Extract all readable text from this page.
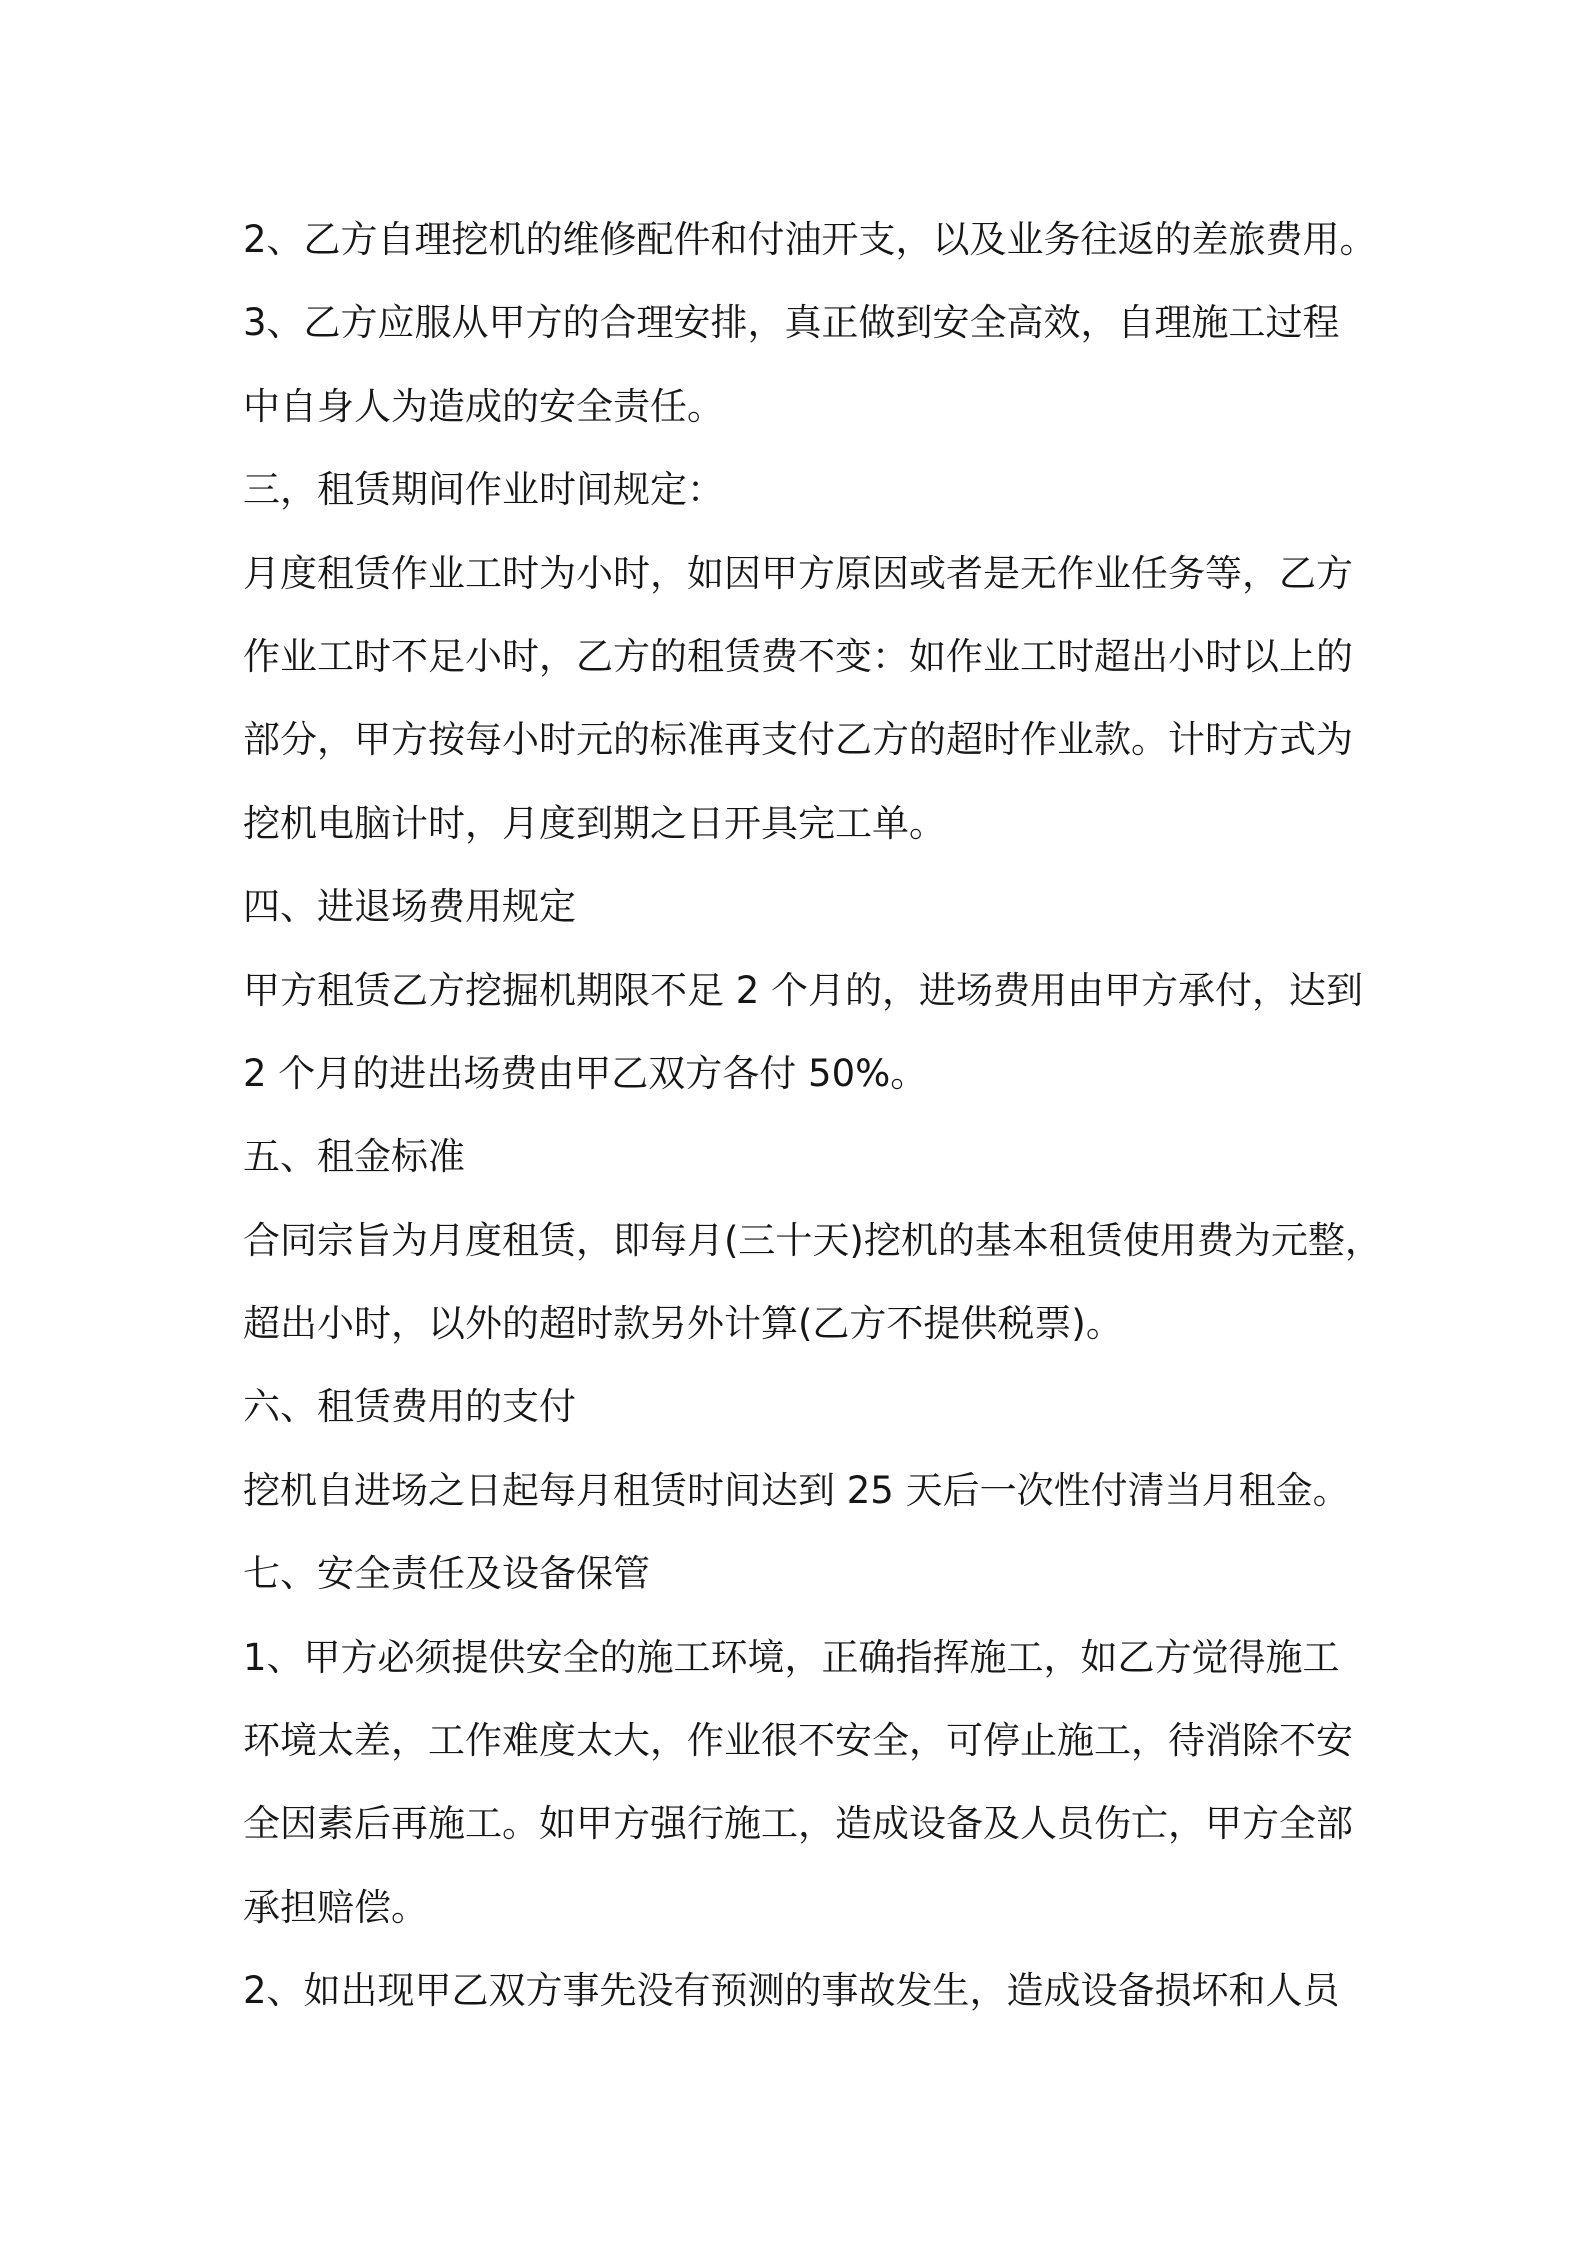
2、乙方自理挖机的维修配件和付油开支，以及业务往返的差旅费用。

3、乙方应服从甲方的合理安排，真正做到安全高效，自理施工过程

中自身人为造成的安全责任。

三，租赁期间作业时间规定：

月度租赁作业工时为小时，如因甲方原因或者是无作业任务等，乙方

作业工时不足小时，乙方的租赁费不变：如作业工时超出小时以上的

部分，甲方按每小时元的标准再支付乙方的超时作业款。计时方式为

挖机电脑计时，月度到期之日开具完工单。

四、进退场费用规定

甲方租赁乙方挖掘机期限不足 2 个月的，进场费用由甲方承付，达到

2 个月的进出场费由甲乙双方各付 50%。

五、租金标准

合同宗旨为月度租赁，即每月(三十天)挖机的基本租赁使用费为元整，

超出小时，以外的超时款另外计算(乙方不提供税票)。

六、租赁费用的支付

挖机自进场之日起每月租赁时间达到 25 天后一次性付清当月租金。

七、安全责任及设备保管

1、甲方必须提供安全的施工环境，正确指挥施工，如乙方觉得施工

环境太差，工作难度太大，作业很不安全，可停止施工，待消除不安

全因素后再施工。如甲方强行施工，造成设备及人员伤亡，甲方全部

承担赔偿。

2、如出现甲乙双方事先没有预测的事故发生，造成设备损坏和人员
